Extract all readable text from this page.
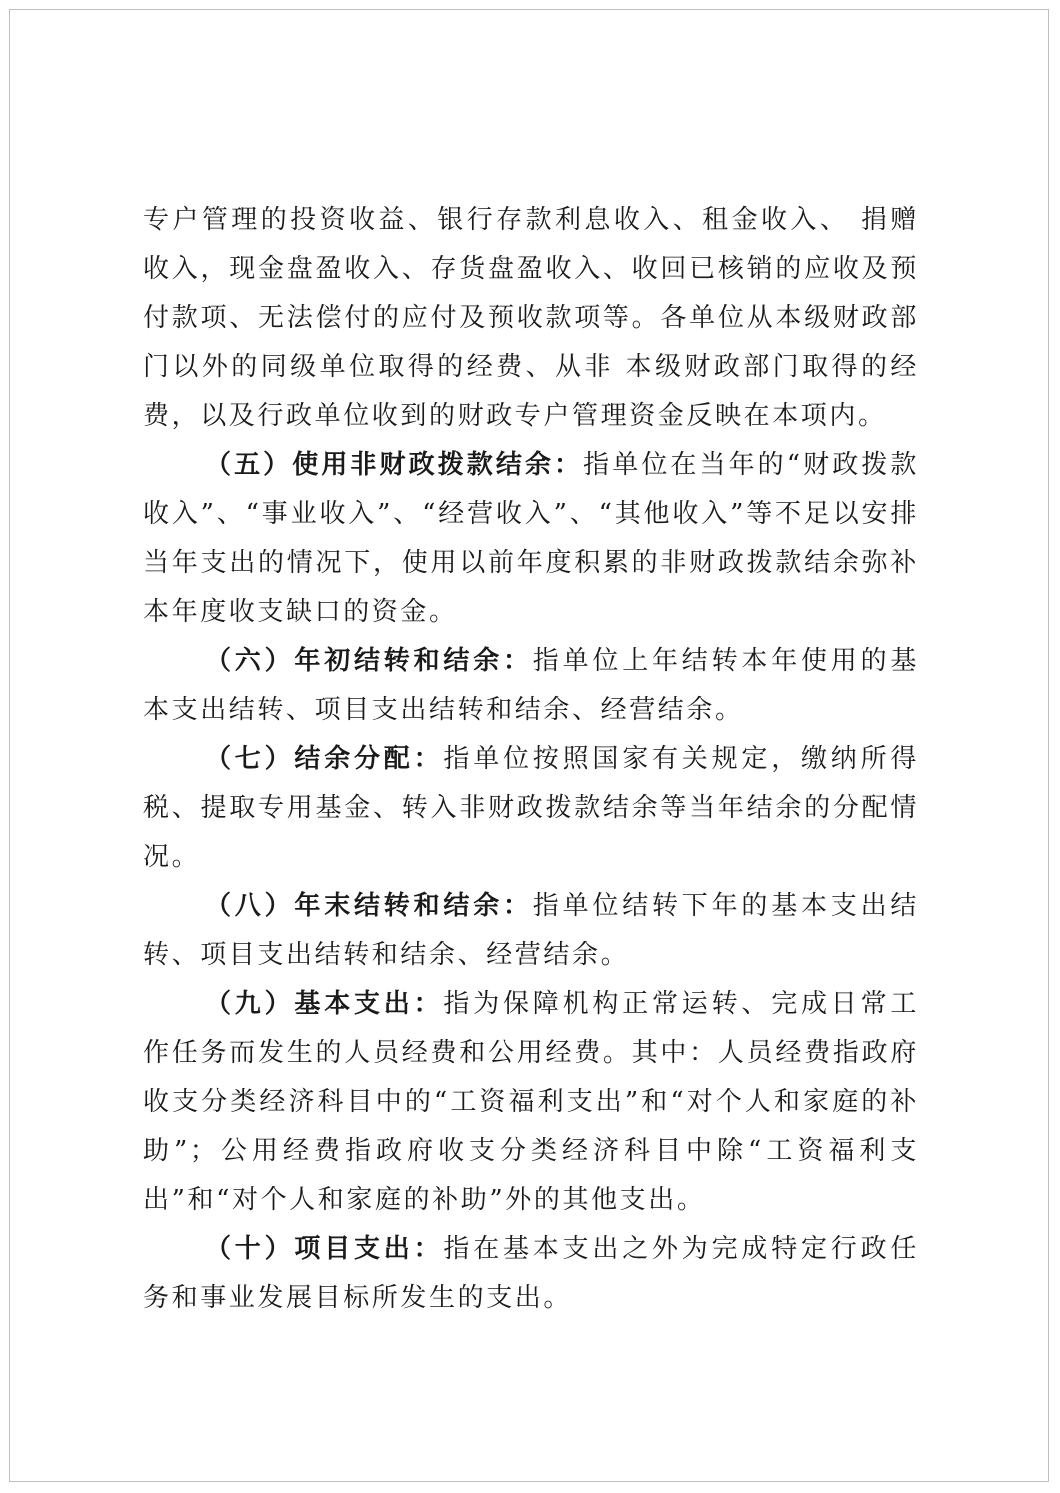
专户管理的投资收益、银行存款利息收入、租金收入、 捐赠收入，现金盘盈收入、存货盘盈收入、收回已核销的应收及预付款项、无法偿付的应付及预收款项等。各单位从本级财政部门以外的同级单位取得的经费、从非 本级财政部门取得的经费，以及行政单位收到的财政专户管理资金反映在本项内。

（五）使用非财政拨款结余：指单位在当年的“财政拨款收入”、“事业收入”、“经营收入”、“其他收入”等不足以安排当年支出的情况下，使用以前年度积累的非财政拨款结余弥补本年度收支缺口的资金。

（六）年初结转和结余：指单位上年结转本年使用的基本支出结转、项目支出结转和结余、经营结余。

（七）结余分配：指单位按照国家有关规定，缴纳所得税、提取专用基金、转入非财政拨款结余等当年结余的分配情况。

（八）年末结转和结余：指单位结转下年的基本支出结转、项目支出结转和结余、经营结余。

（九）基本支出：指为保障机构正常运转、完成日常工作任务而发生的人员经费和公用经费。其中：人员经费指政府收支分类经济科目中的“工资福利支出”和“对个人和家庭的补助”；公用经费指政府收支分类经济科目中除“工资福利支出”和“对个人和家庭的补助”外的其他支出。

（十）项目支出：指在基本支出之外为完成特定行政任务和事业发展目标所发生的支出。
